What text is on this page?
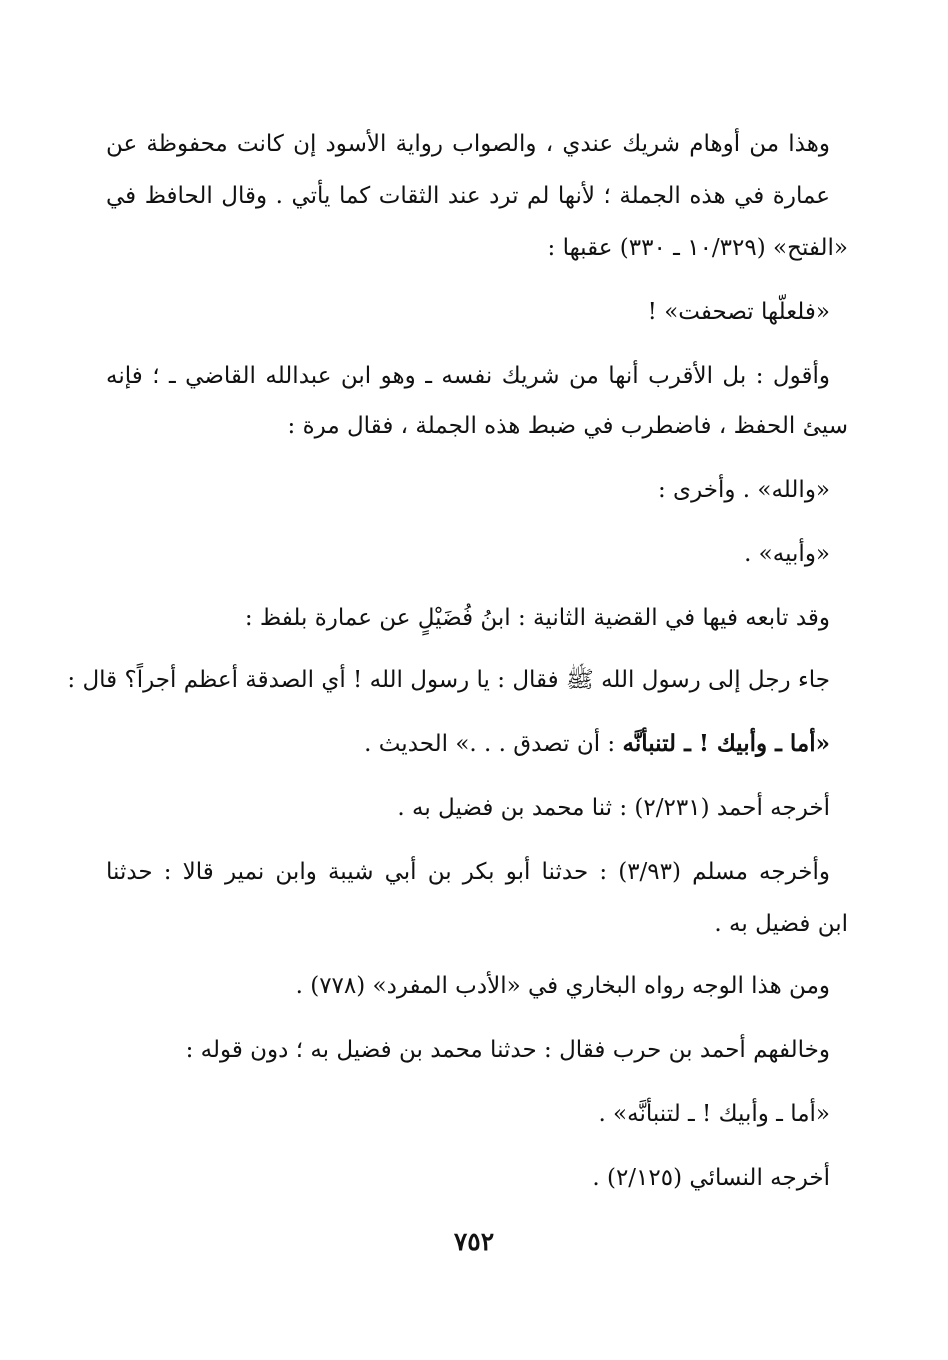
وهذا من أوهام شريك عندي ، والصواب رواية الأسود إن كانت محفوظة عن
عمارة في هذه الجملة ؛ لأنها لم ترد عند الثقات كما يأتي . وقال الحافظ في
«الفتح» (١٠/٣٢٩ ـ ٣٣٠) عقبها :
«فلعلّها تصحفت» !
وأقول : بل الأقرب أنها من شريك نفسه ـ وهو ابن عبدالله القاضي ـ ؛ فإنه
سيئ الحفظ ، فاضطرب في ضبط هذه الجملة ، فقال مرة :
«والله» . وأخرى :
«وأبيه» .
وقد تابعه فيها في القضية الثانية : ابنُ فُضَيْلٍ عن عمارة بلفظ :
جاء رجل إلى رسول الله ﷺ فقال : يا رسول الله ! أي الصدقة أعظم أجراً؟ قال :
«أما ـ وأبيك ! ـ لتنبأنَّه : أن تصدق . . .» الحديث .
أخرجه أحمد (٢/٢٣١) : ثنا محمد بن فضيل به .
وأخرجه مسلم (٣/٩٣) : حدثنا أبو بكر بن أبي شيبة وابن نمير قالا : حدثنا
ابن فضيل به .
ومن هذا الوجه رواه البخاري في «الأدب المفرد» (٧٧٨) .
وخالفهم أحمد بن حرب فقال : حدثنا محمد بن فضيل به ؛ دون قوله :
«أما ـ وأبيك ! ـ لتنبأنَّه» .
أخرجه النسائي (٢/١٢٥) .
٧٥٢
